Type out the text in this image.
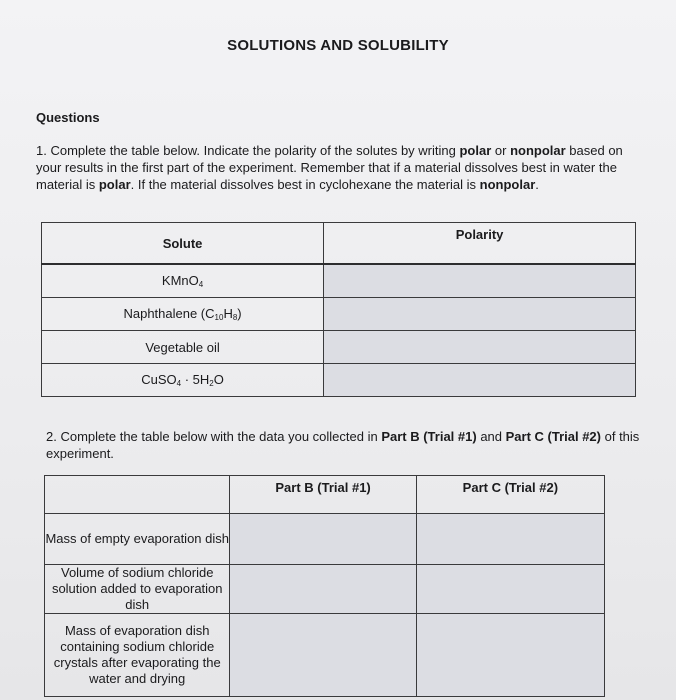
SOLUTIONS AND SOLUBILITY
Questions
1. Complete the table below. Indicate the polarity of the solutes by writing polar or nonpolar based on your results in the first part of the experiment. Remember that if a material dissolves best in water the material is polar. If the material dissolves best in cyclohexane the material is nonpolar.
Solute	Polarity
KMnO$_4$	
Naphthalene $(C_{10}H_8)$	
Vegetable oil	
CuSO$_4$ · $5H_2O$	
2. Complete the table below with the data you collected in Part B (Trial #1) and Part C (Trial #2) of this experiment.
	Part B (Trial #1)	Part C (Trial #2)
Mass of empty evaporation dish		
Volume of sodium chloride solution added to evaporation dish		
Mass of evaporation dish containing sodium chloride crystals after evaporating the water and drying		
